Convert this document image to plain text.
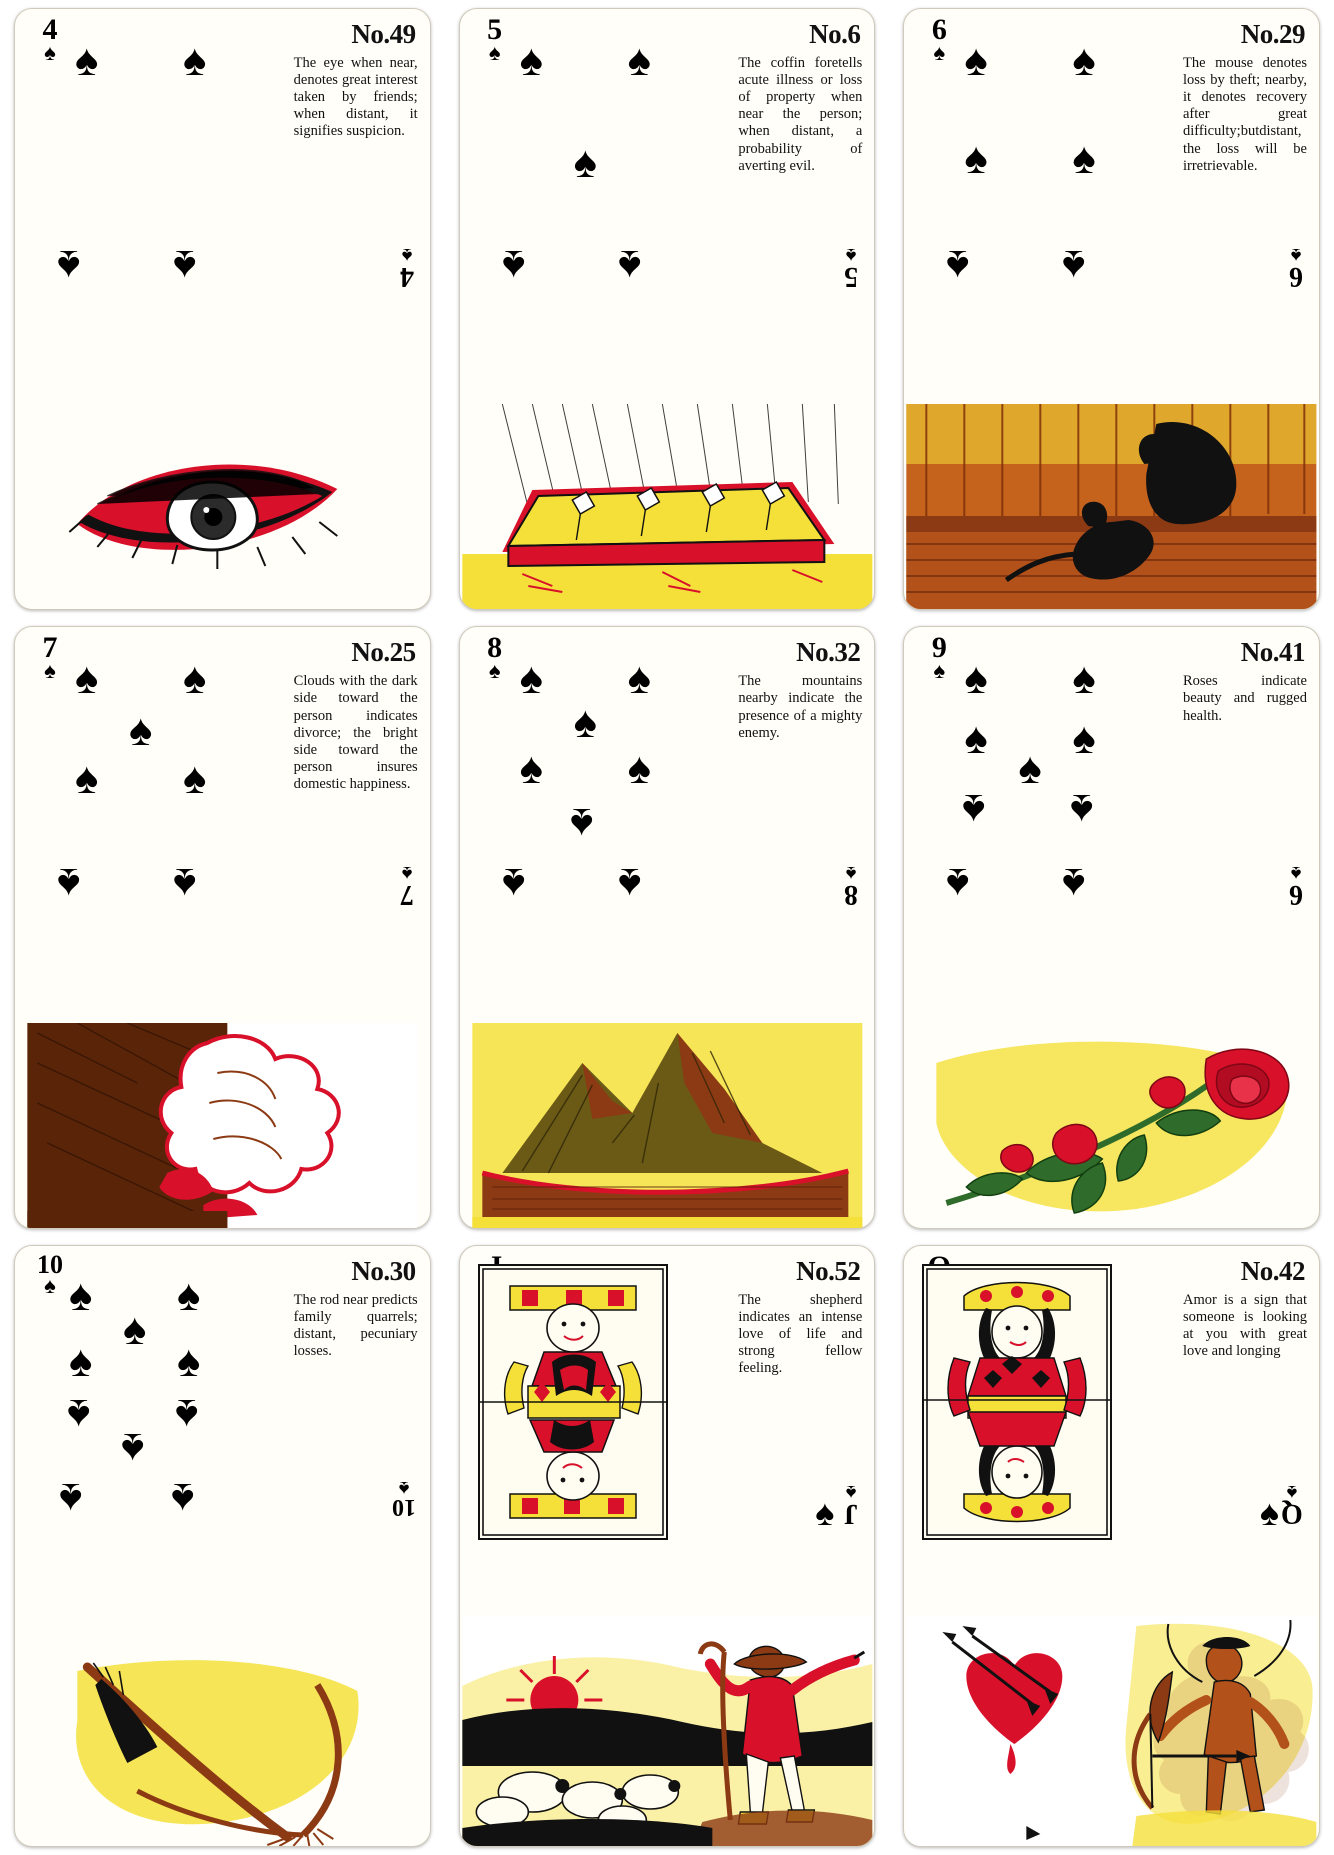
4
♠
No.49
The eye when near, denotes great interest taken by friends; when distant, it signifies suspicion.
♠ ♠
♠ ♠	4
♠
5
♠
No.6
The coffin foretells acute illness or loss of property when near the person; when distant, a probability of averting evil.
♠ ♠
♠
♠ ♠	5
♠
6
♠
No.29
The mouse denotes loss by theft; nearby, it denotes recovery after great difficulty;butdistant, the loss will be irretrievable.
♠ ♠
♠ ♠
♠ ♠	6
♠
7
♠
No.25
Clouds with the dark side toward the person indicates divorce; the bright side toward the person insures domestic happiness.
♠ ♠
♠
♠ ♠
♠ ♠	7
♠
8
♠
No.32
The mountains nearby indicate the presence of a mighty enemy.
♠ ♠
♠
♠ ♠
♠
♠ ♠	8
♠
9
♠
No.41
Roses indicate beauty and rugged health.
♠ ♠
♠ ♠
♠
♠ ♠
♠ ♠	6
♠
10
♠	No.30
The rod near predicts family quarrels; distant, pecuniary losses.
♠ ♠
♠
♠ ♠
♠ ♠
♠
♠ ♠	10
♠
No.52
The shepherd indicates an intense love of life and strong fellow feeling.
J
♠
♠
No.42
Amor is a sign that someone is looking at you with great love and longing
Q
♠
♠
